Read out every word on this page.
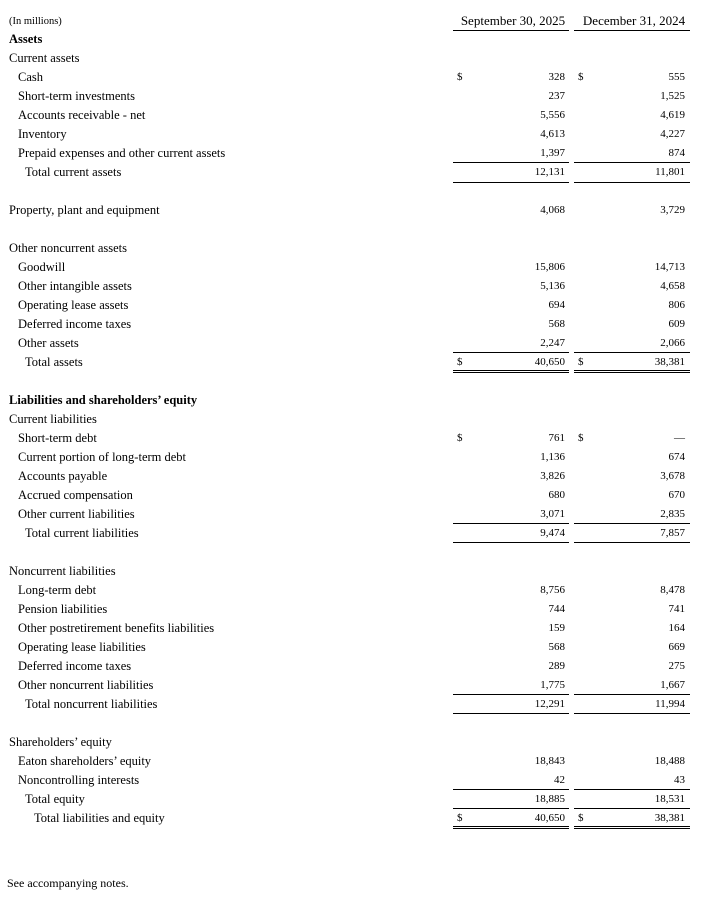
(In millions)	September 30, 2025	December 31, 2024
Assets
Current assets
Cash	$	328 $	555
Short-term investments	237	1,525
Accounts receivable - net	5,556	4,619
Inventory	4,613	4,227
Prepaid expenses and other current assets	1,397	874
Total current assets	12,131	11,801
Property, plant and equipment	4,068	3,729
Other noncurrent assets
Goodwill	15,806	14,713
Other intangible assets	5,136	4,658
Operating lease assets	694	806
Deferred income taxes	568	609
Other assets	2,247	2,066
Total assets	$	40,650 $	38,381
Liabilities and shareholders’ equity
Current liabilities
Short-term debt	$	761 $	—
Current portion of long-term debt	1,136	674
Accounts payable	3,826	3,678
Accrued compensation	680	670
Other current liabilities	3,071	2,835
Total current liabilities	9,474	7,857
Noncurrent liabilities
Long-term debt	8,756	8,478
Pension liabilities	744	741
Other postretirement benefits liabilities	159	164
Operating lease liabilities	568	669
Deferred income taxes	289	275
Other noncurrent liabilities	1,775	1,667
Total noncurrent liabilities	12,291	11,994
Shareholders’ equity
Eaton shareholders’ equity	18,843	18,488
Noncontrolling interests	42	43
Total equity	18,885	18,531
Total liabilities and equity	$	40,650 $	38,381
See accompanying notes.
